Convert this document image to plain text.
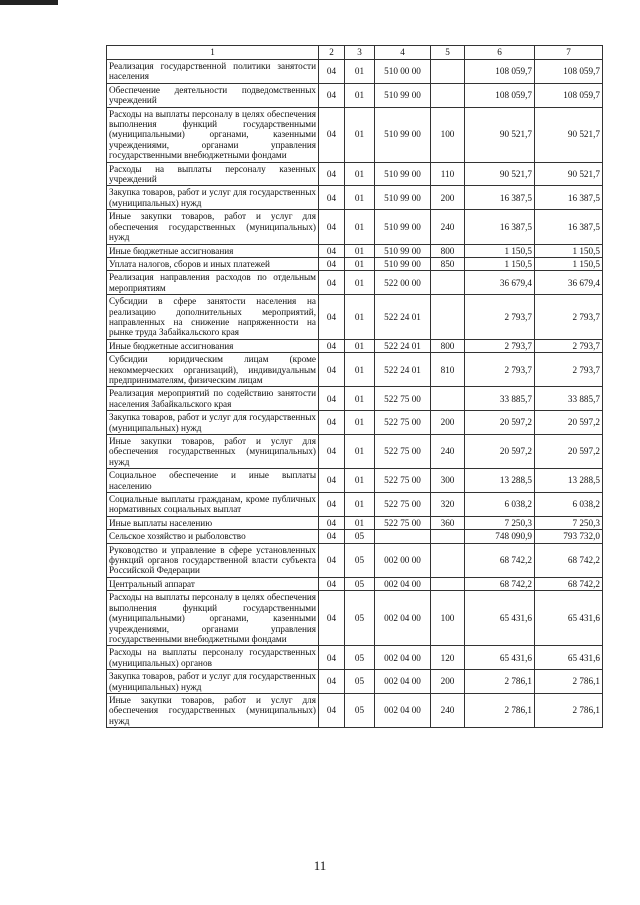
1	2	3	4	5	6	7
Реализация государственной политики занятости населения	04	01	510 00 00		108 059,7	108 059,7
Обеспечение деятельности подведомственных учреждений	04	01	510 99 00		108 059,7	108 059,7
Расходы на выплаты персоналу в целях обеспечения выполнения функций государственными (муниципальными) органами, казенными учреждениями, органами управления государственными внебюджетными фондами	04	01	510 99 00	100	90 521,7	90 521,7
Расходы на выплаты персоналу казенных учреждений	04	01	510 99 00	110	90 521,7	90 521,7
Закупка товаров, работ и услуг для государственных (муниципальных) нужд	04	01	510 99 00	200	16 387,5	16 387,5
Иные закупки товаров, работ и услуг для обеспечения государственных (муниципальных) нужд	04	01	510 99 00	240	16 387,5	16 387,5
Иные бюджетные ассигнования	04	01	510 99 00	800	1 150,5	1 150,5
Уплата налогов, сборов и иных платежей	04	01	510 99 00	850	1 150,5	1 150,5
Реализация направления расходов по отдельным мероприятиям	04	01	522 00 00		36 679,4	36 679,4
Субсидии в сфере занятости населения на реализацию дополнительных мероприятий, направленных на снижение напряженности на рынке труда Забайкальского края	04	01	522 24 01		2 793,7	2 793,7
Иные бюджетные ассигнования	04	01	522 24 01	800	2 793,7	2 793,7
Субсидии юридическим лицам (кроме некоммерческих организаций), индивидуальным предпринимателям, физическим лицам	04	01	522 24 01	810	2 793,7	2 793,7
Реализация мероприятий по содействию занятости населения Забайкальского края	04	01	522 75 00		33 885,7	33 885,7
Закупка товаров, работ и услуг для государственных (муниципальных) нужд	04	01	522 75 00	200	20 597,2	20 597,2
Иные закупки товаров, работ и услуг для обеспечения государственных (муниципальных) нужд	04	01	522 75 00	240	20 597,2	20 597,2
Социальное обеспечение и иные выплаты населению	04	01	522 75 00	300	13 288,5	13 288,5
Социальные выплаты гражданам, кроме публичных нормативных социальных выплат	04	01	522 75 00	320	6 038,2	6 038,2
Иные выплаты населению	04	01	522 75 00	360	7 250,3	7 250,3
Сельское хозяйство и рыболовство	04	05			748 090,9	793 732,0
Руководство и управление в сфере установленных функций органов государственной власти субъекта Российской Федерации	04	05	002 00 00		68 742,2	68 742,2
Центральный аппарат	04	05	002 04 00		68 742,2	68 742,2
Расходы на выплаты персоналу в целях обеспечения выполнения функций государственными (муниципальными) органами, казенными учреждениями, органами управления государственными внебюджетными фондами	04	05	002 04 00	100	65 431,6	65 431,6
Расходы на выплаты персоналу государственных (муниципальных) органов	04	05	002 04 00	120	65 431,6	65 431,6
Закупка товаров, работ и услуг для государственных (муниципальных) нужд	04	05	002 04 00	200	2 786,1	2 786,1
Иные закупки товаров, работ и услуг для обеспечения государственных (муниципальных) нужд	04	05	002 04 00	240	2 786,1	2 786,1
11
